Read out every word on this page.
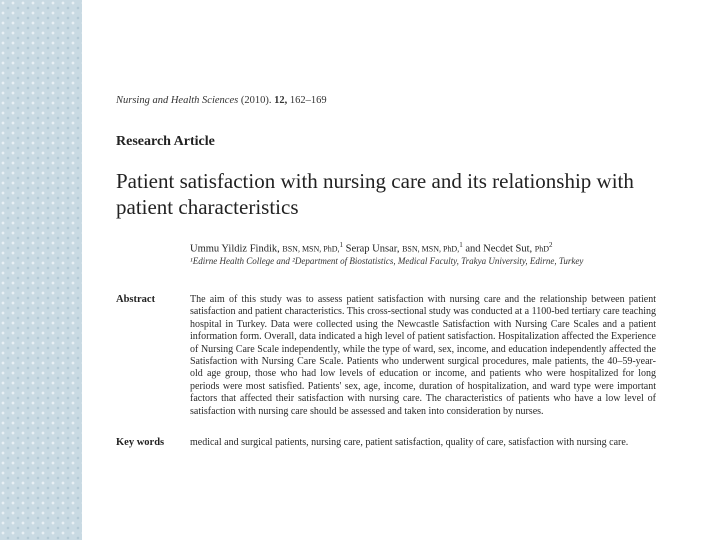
Nursing and Health Sciences (2010). 12, 162–169
Research Article
Patient satisfaction with nursing care and its relationship with patient characteristics
Ummu Yildiz Findik, BSN, MSN, PhD,$^1$ Serap Unsar, BSN, MSN, PhD,$^1$ and Necdet Sut, PhD$^2$
¹Edirne Health College and ²Department of Biostatistics, Medical Faculty, Trakya University, Edirne, Turkey
Abstract	The aim of this study was to assess patient satisfaction with nursing care and the relationship between patient satisfaction and patient characteristics. This cross-sectional study was conducted at a 1100-bed tertiary care teaching hospital in Turkey. Data were collected using the Newcastle Satisfaction with Nursing Care Scales and a patient information form. Overall, data indicated a high level of patient satisfaction. Hospitalization affected the Experience of Nursing Care Scale independently, while the type of ward, sex, income, and education independently affected the Satisfaction with Nursing Care Scale. Patients who underwent surgical procedures, male patients, the 40–59-year-old age group, those who had low levels of education or income, and patients who were hospitalized for long periods were most satisfied. Patients' sex, age, income, duration of hospitalization, and ward type were important factors that affected their satisfaction with nursing care. The characteristics of patients who have a low level of satisfaction with nursing care should be assessed and taken into consideration by nurses.
Key words	medical and surgical patients, nursing care, patient satisfaction, quality of care, satisfaction with nursing care.
